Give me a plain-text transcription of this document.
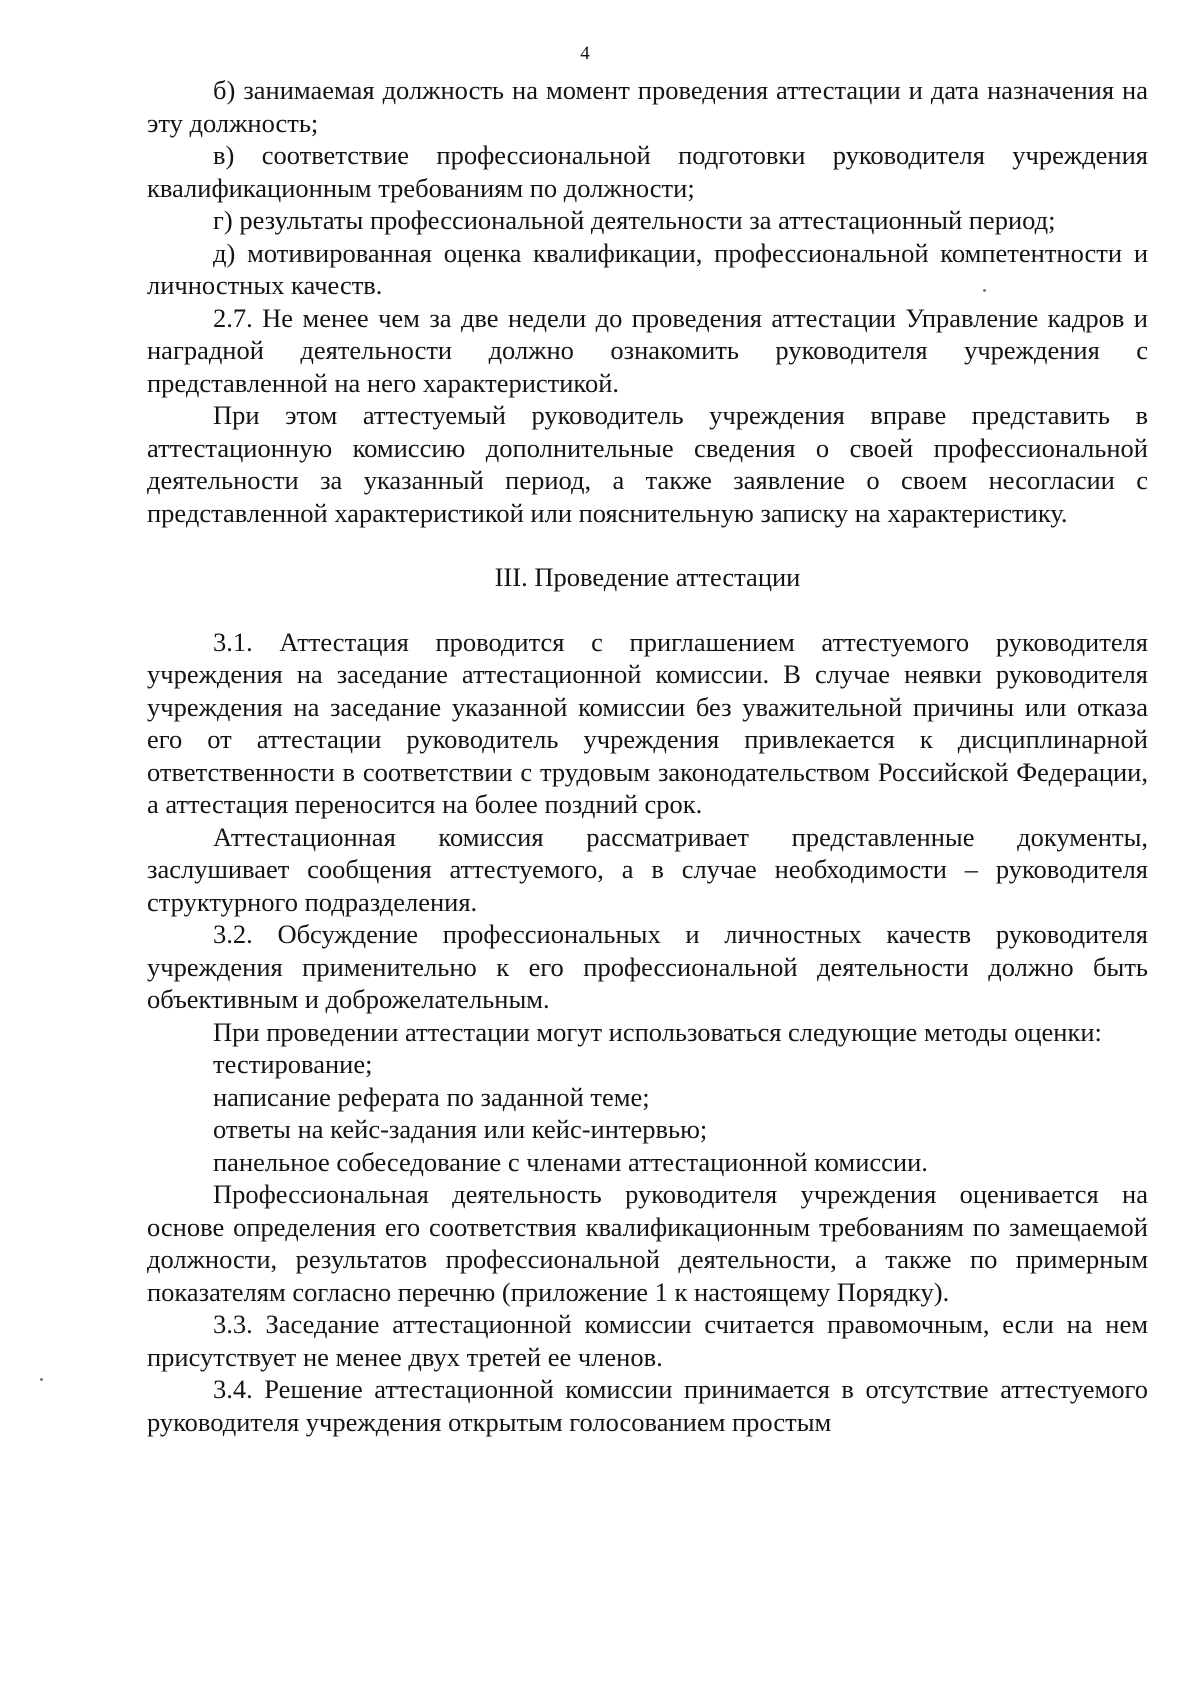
4

б) занимаемая должность на момент проведения аттестации и дата назначения на эту должность;

в) соответствие профессиональной подготовки руководителя учреждения квалификационным требованиям по должности;

г) результаты профессиональной деятельности за аттестационный период;

д) мотивированная оценка квалификации, профессиональной компетентности и личностных качеств.

2.7. Не менее чем за две недели до проведения аттестации Управление кадров и наградной деятельности должно ознакомить руководителя учреждения с представленной на него характеристикой.

При этом аттестуемый руководитель учреждения вправе представить в аттестационную комиссию дополнительные сведения о своей профессиональной деятельности за указанный период, а также заявление о своем несогласии с представленной характеристикой или пояснительную записку на характеристику.

III. Проведение аттестации

3.1. Аттестация проводится с приглашением аттестуемого руководителя учреждения на заседание аттестационной комиссии. В случае неявки руководителя учреждения на заседание указанной комиссии без уважительной причины или отказа его от аттестации руководитель учреждения привлекается к дисциплинарной ответственности в соответствии с трудовым законодательством Российской Федерации, а аттестация переносится на более поздний срок.

Аттестационная комиссия рассматривает представленные документы, заслушивает сообщения аттестуемого, а в случае необходимости – руководителя структурного подразделения.

3.2. Обсуждение профессиональных и личностных качеств руководителя учреждения применительно к его профессиональной деятельности должно быть объективным и доброжелательным.

При проведении аттестации могут использоваться следующие методы оценки:

тестирование;

написание реферата по заданной теме;

ответы на кейс-задания или кейс-интервью;

панельное собеседование с членами аттестационной комиссии.

Профессиональная деятельность руководителя учреждения оценивается на основе определения его соответствия квалификационным требованиям по замещаемой должности, результатов профессиональной деятельности, а также по примерным показателям согласно перечню (приложение 1 к настоящему Порядку).

3.3. Заседание аттестационной комиссии считается правомочным, если на нем присутствует не менее двух третей ее членов.

3.4. Решение аттестационной комиссии принимается в отсутствие аттестуемого руководителя учреждения открытым голосованием простым
